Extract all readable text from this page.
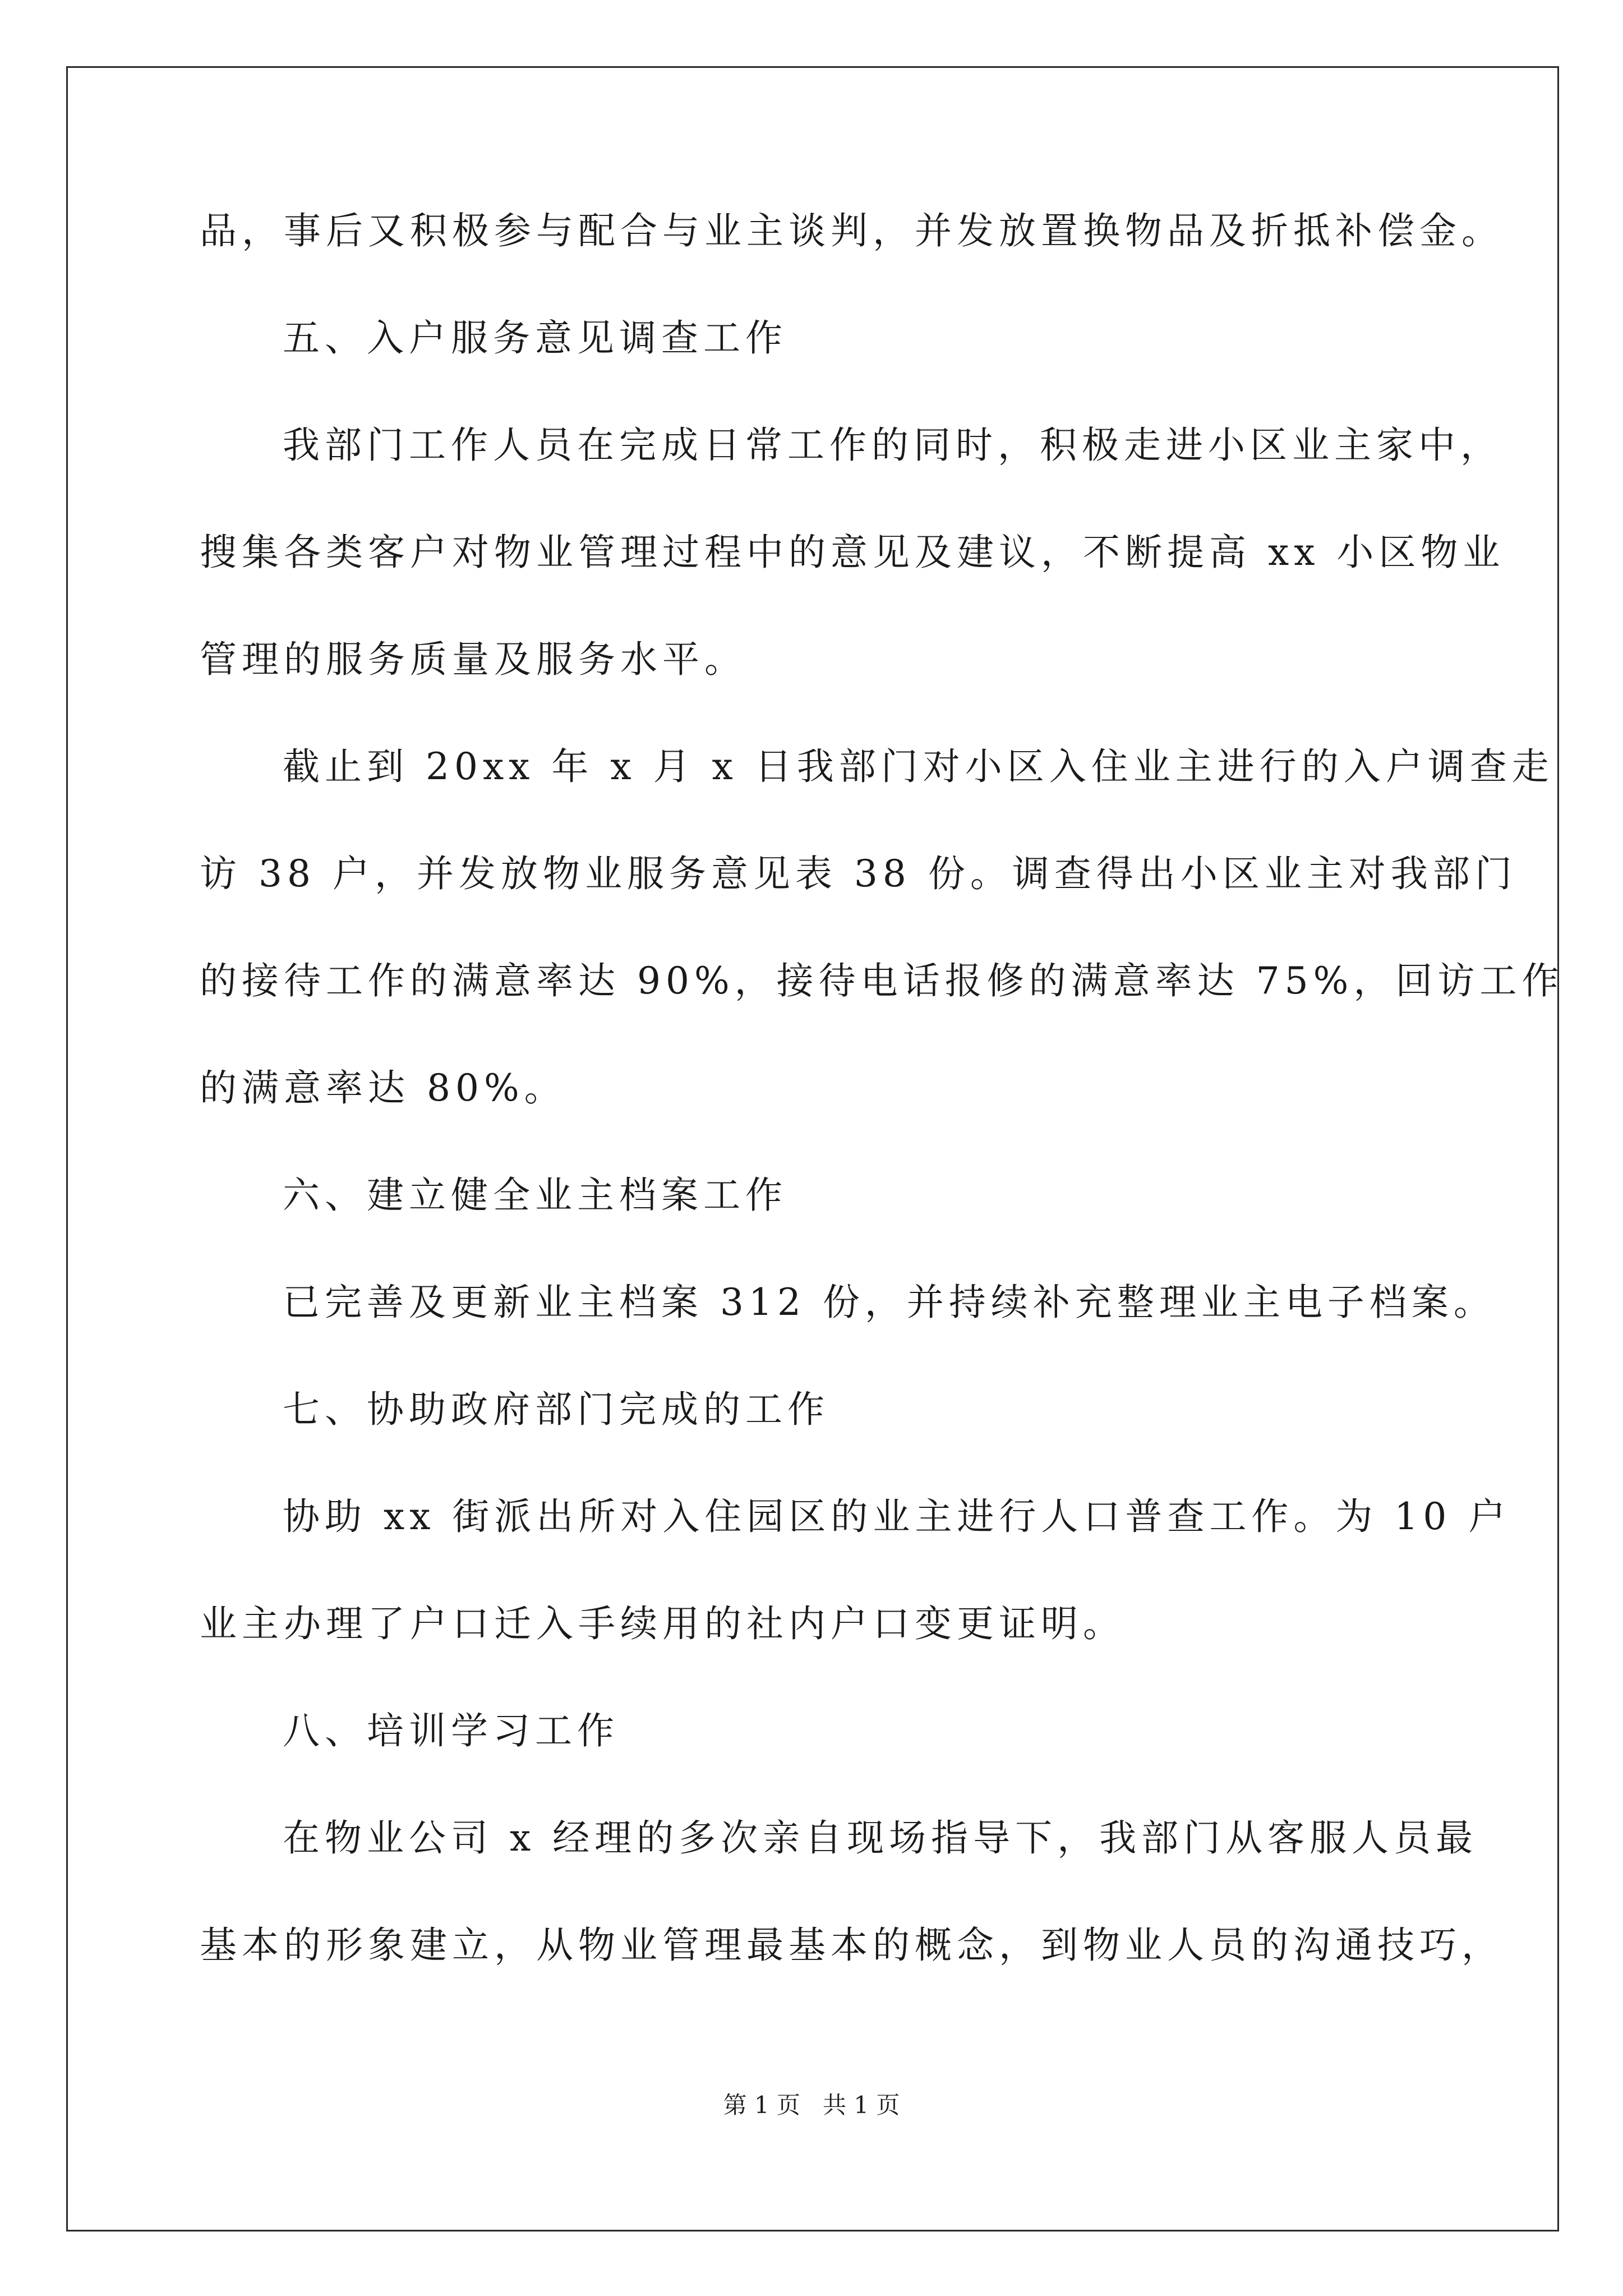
品，事后又积极参与配合与业主谈判，并发放置换物品及折抵补偿金。
五、入户服务意见调查工作
我部门工作人员在完成日常工作的同时，积极走进小区业主家中，
搜集各类客户对物业管理过程中的意见及建议，不断提高 xx 小区物业
管理的服务质量及服务水平。
截止到 20xx 年 x 月 x 日我部门对小区入住业主进行的入户调查走
访 38 户，并发放物业服务意见表 38 份。调查得出小区业主对我部门
的接待工作的满意率达 90%，接待电话报修的满意率达 75%，回访工作
的满意率达 80%。
六、建立健全业主档案工作
已完善及更新业主档案 312 份，并持续补充整理业主电子档案。
七、协助政府部门完成的工作
协助 xx 街派出所对入住园区的业主进行人口普查工作。为 10 户
业主办理了户口迁入手续用的社内户口变更证明。
八、培训学习工作
在物业公司 x 经理的多次亲自现场指导下，我部门从客服人员最
基本的形象建立，从物业管理最基本的概念，到物业人员的沟通技巧，
第 1 页 共 1 页
